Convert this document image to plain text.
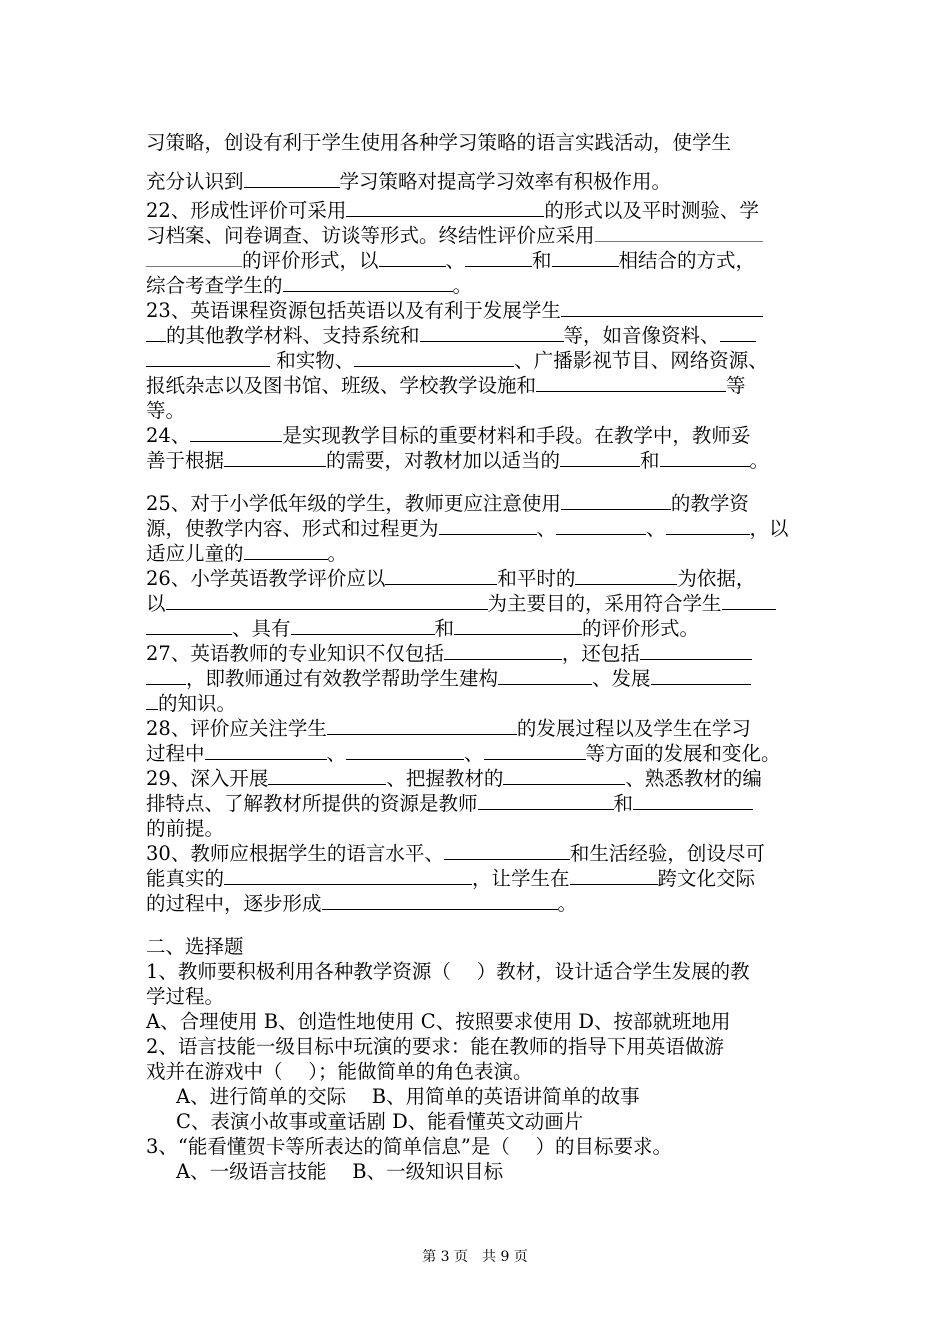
习策略，创设有利于学生使用各种学习策略的语言实践活动，使学生
充分认识到	学习策略对提高学习效率有积极作用。
22、形成性评价可采用	的形式以及平时测验、学
习档案、问卷调查、访谈等形式。终结性评价应采用
的评价形式，以	、	和	相结合的方式，
综合考查学生的	。
23、英语课程资源包括英语以及有利于发展学生
的其他教学材料、支持系统和	等，如音像资料、
和实物、	、广播影视节目、网络资源、
报纸杂志以及图书馆、班级、学校教学设施和	等
等。
24、	是实现教学目标的重要材料和手段。在教学中，教师妥
善于根据	的需要，对教材加以适当的	和	。
25、对于小学低年级的学生，教师更应注意使用	的教学资
源，使教学内容、形式和过程更为	、	、	，以
适应儿童的	。
26、小学英语教学评价应以	和平时的	为依据，
以	为主要目的，采用符合学生
、具有	和	的评价形式。
27、英语教师的专业知识不仅包括	，还包括
，即教师通过有效教学帮助学生建构	、发展
的知识。
28、评价应关注学生	的发展过程以及学生在学习
过程中	、	、	等方面的发展和变化。
29、深入开展	、把握教材的	、熟悉教材的编
排特点、了解教材所提供的资源是教师	和
的前提。
30、教师应根据学生的语言水平、	和生活经验，创设尽可
能真实的	，让学生在	跨文化交际
的过程中，逐步形成	。
二、选择题
1、教师要积极利用各种教学资源（　 ）教材，设计适合学生发展的教
学过程。
A、合理使用 B、创造性地使用 C、按照要求使用 D、按部就班地用
2、语言技能一级目标中玩演的要求：能在教师的指导下用英语做游
戏并在游戏中（　 ）；能做简单的角色表演。
A、进行简单的交际　 B、用简单的英语讲简单的故事
C、表演小故事或童话剧 D、能看懂英文动画片
3、“能看懂贺卡等所表达的简单信息”是（　 ）的目标要求。
A、一级语言技能　 B、一级知识目标
第 3 页　共 9 页
